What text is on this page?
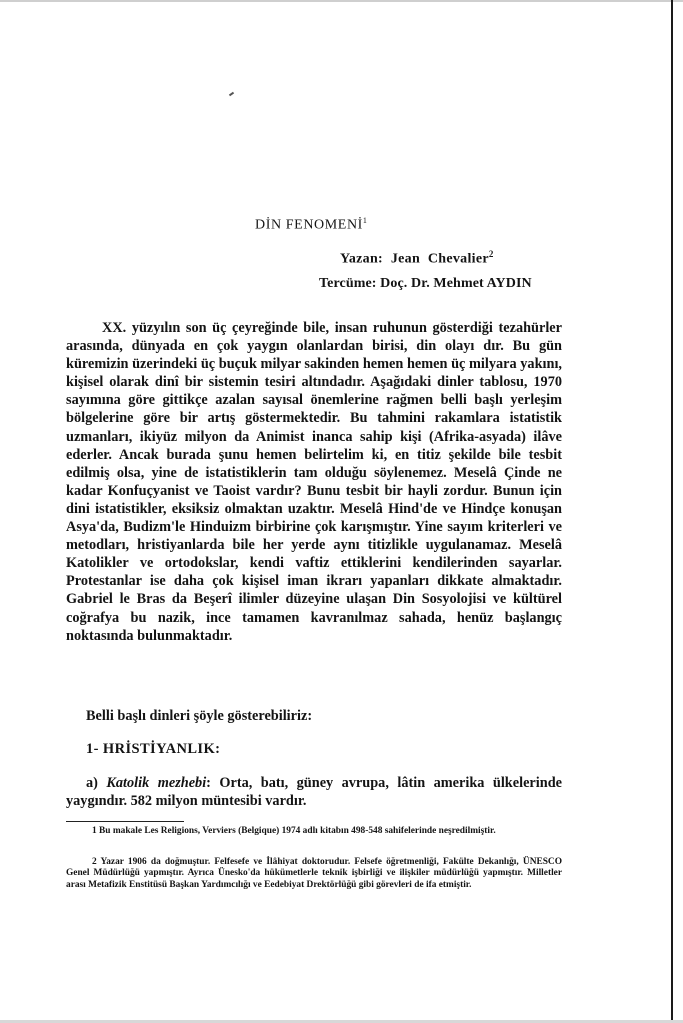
DİN FENOMENİ$^1$
Yazan: Jean Chevalier$^2$
Tercüme: Doç. Dr. Mehmet AYDIN
XX. yüzyılın son üç çeyreğinde bile, insan ruhunun gösterdiği tezahürler arasında, dünyada en çok yaygın olanlardan birisi, din olayı dır. Bu gün küremizin üzerindeki üç buçuk milyar sakinden hemen hemen üç milyara yakını, kişisel olarak dinî bir sistemin tesiri altındadır. Aşağıdaki dinler tablosu, 1970 sayımına göre gittikçe azalan sayısal önemlerine rağmen belli başlı yerleşim bölgelerine göre bir artış göstermektedir. Bu tahmini rakamlara istatistik uzmanları, ikiyüz milyon da Animist inanca sahip kişi (Afrika-asyada) ilâve ederler. Ancak burada şunu hemen belirtelim ki, en titiz şekilde bile tesbit edilmiş olsa, yine de istatistiklerin tam olduğu söylenemez. Meselâ Çinde ne kadar Konfuçyanist ve Taoist vardır? Bunu tesbit bir hayli zordur. Bunun için dini istatistikler, eksiksiz olmaktan uzaktır. Meselâ Hind'de ve Hindçe konuşan Asya'da, Budizm'le Hinduizm birbirine çok karışmıştır. Yine sayım kriterleri ve metodları, hristiyanlarda bile her yerde aynı titizlikle uygulanamaz. Meselâ Katolikler ve ortodokslar, kendi vaftiz ettiklerini kendilerinden sayarlar. Protestanlar ise daha çok kişisel iman ikrarı yapanları dikkate almaktadır. Gabriel le Bras da Beşerî ilimler düzeyine ulaşan Din Sosyolojisi ve kültürel coğrafya bu nazik, ince tamamen kavranılmaz sahada, henüz başlangıç noktasında bulunmaktadır.
Belli başlı dinleri şöyle gösterebiliriz:
1- HRİSTİYANLIK:
a) Katolik mezhebi: Orta, batı, güney avrupa, lâtin amerika ülkelerinde yaygındır. 582 milyon müntesibi vardır.
1 Bu makale Les Religions, Verviers (Belgique) 1974 adlı kitabın 498-548 sahifelerinde neşredilmiştir.
2 Yazar 1906 da doğmuştur. Felfesefe ve İlâhiyat doktorudur. Felsefe öğretmenliği, Fakülte Dekanlığı, ÜNESCO Genel Müdürlüğü yapmıştır. Ayrıca Ünesko'da hükümetlerle teknik işbirliği ve ilişkiler müdürlüğü yapmıştır. Milletler arası Metafizik Enstitüsü Başkan Yardımcılığı ve Eedebiyat Drektörlüğü gibi görevleri de ifa etmiştir.
